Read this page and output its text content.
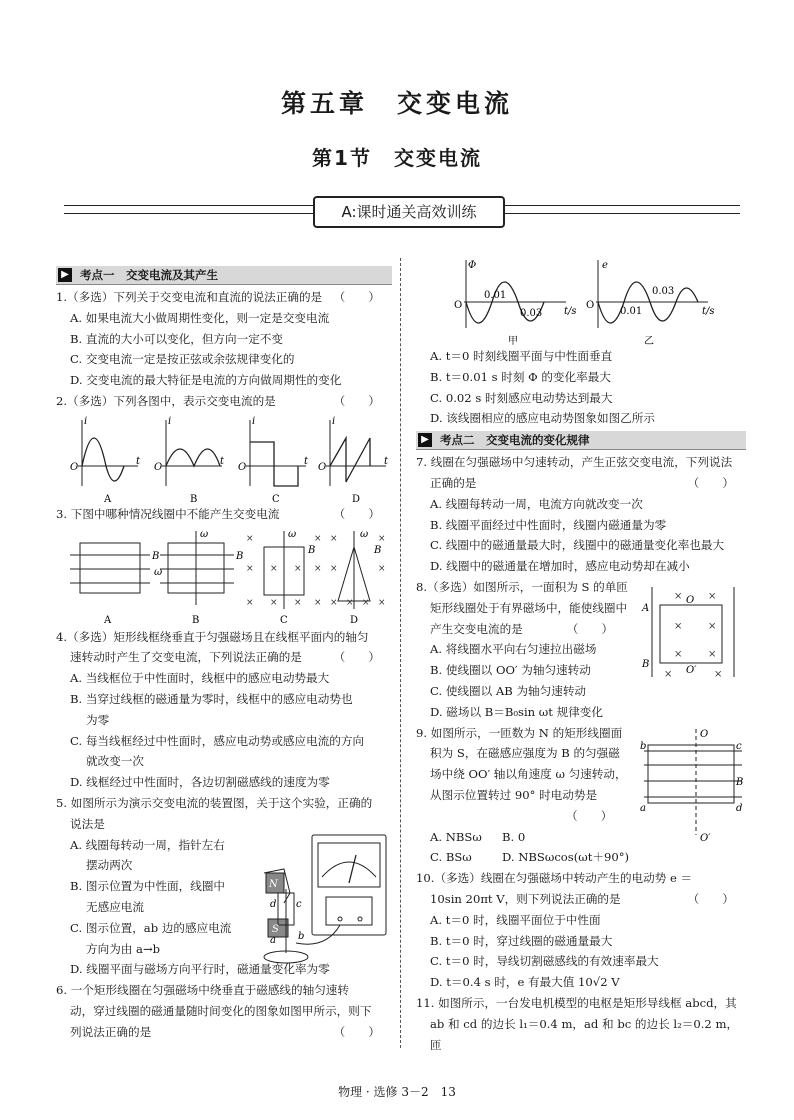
第五章　交变电流
第1节　交变电流
A:课时通关高效训练
▶ 考点一　交变电流及其产生

1.（多选）下列关于交变电流和直流的说法正确的是 （　　）

A. 如果电流大小做周期性变化，则一定是交变电流

B. 直流的大小可以变化，但方向一定不变

C. 交变电流一定是按正弦或余弦规律变化的

D. 交变电流的最大特征是电流的方向做周期性的变化

2.（多选）下列各图中，表示交变电流的是	（　　）

i	i	i	i
t	t	t	t
O	O	O	O
A	B	C	D

3. 下图中哪种情况线圈中不能产生交变电流	（　　）

B
ω
B
ω
B
ω
B
ω
×
×
×
× ×
×
×
×
× ×
×
×
×
×
×
×
× ×
A	B	C	D

4.（多选）矩形线框绕垂直于匀强磁场且在线框平面内的轴匀

速转动时产生了交变电流，下列说法正确的是	（　　）

A. 当线框位于中性面时，线框中的感应电动势最大

B. 当穿过线框的磁通量为零时，线框中的感应电动势也

为零

C. 每当线框经过中性面时，感应电动势或感应电流的方向

就改变一次

D. 线框经过中性面时，各边切割磁感线的速度为零

5. 如图所示为演示交变电流的装置图，关于这个实验，正确的

说法是

N
S
d c
a b

A. 线圈每转动一周，指针左右

摆动两次

B. 图示位置为中性面，线圈中

无感应电流

C. 图示位置，ab 边的感应电流

方向为由 a→b

D. 线圈平面与磁场方向平行时，磁通量变化率为零

6. 一个矩形线圈在匀强磁场中绕垂直于磁感线的轴匀速转

动，穿过线圈的磁通量随时间变化的图象如图甲所示，则下

列说法正确的是	（　　）

Φ
O
0.01
0.03 t/s
e
O
0.01
0.03
t/s
甲	乙

A. t＝0 时刻线圈平面与中性面垂直

B. t＝0.01 s 时刻 Φ 的变化率最大

C. 0.02 s 时刻感应电动势达到最大

D. 该线圈相应的感应电动势图象如图乙所示

▶ 考点二　交变电流的变化规律

7. 线圈在匀强磁场中匀速转动，产生正弦交变电流，下列说法

正确的是	（　　）

A. 线圈每转动一周，电流方向就改变一次

B. 线圈平面经过中性面时，线圈内磁通量为零

C. 线圈中的磁通量最大时，线圈中的磁通量变化率也最大

D. 线圈中的磁通量在增加时，感应电动势却在减小

×	×
×	×
×	×
×	×
A
B
O
O′

8.（多选）如图所示，一面积为 S 的单匝

矩形线圈处于有界磁场中，能使线圈中

产生交变电流的是	（　　）

A. 将线圈水平向右匀速拉出磁场

B. 使线圈以 OO′ 为轴匀速转动

C. 使线圈以 AB 为轴匀速转动

D. 磁场以 B＝B₀sin ωt 规律变化

O
O′
b	c
a	d
B

9. 如图所示，一匝数为 N 的矩形线圈面

积为 S，在磁感应强度为 B 的匀强磁

场中绕 OO′ 轴以角速度 ω 匀速转动，

从图示位置转过 90° 时电动势是

（　　）

A. NBSω B. 0

C. BSω	D. NBSωcos(ωt＋90°)

10.（多选）线圈在匀强磁场中转动产生的电动势 e ＝

10sin 20πt V，则下列说法正确的是	（　　）

A. t＝0 时，线圈平面位于中性面

B. t＝0 时，穿过线圈的磁通量最大

C. t＝0 时，导线切割磁感线的有效速率最大

D. t＝0.4 s 时，e 有最大值 10√2 V

11. 如图所示，一台发电机模型的电枢是矩形导线框 abcd，其

ab 和 cd 的边长 l₁＝0.4 m，ad 和 bc 的边长 l₂＝0.2 m，匝

物理 · 选修 3－2　13
